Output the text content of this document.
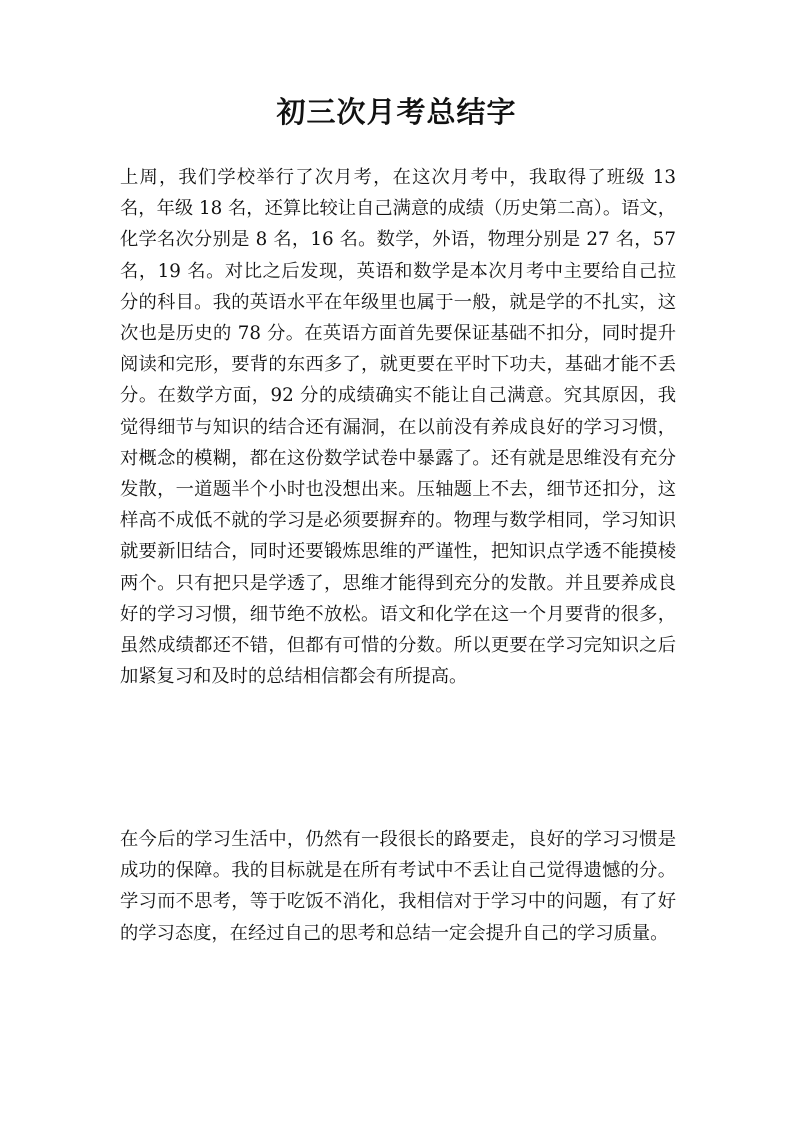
初三次月考总结字

上周，我们学校举行了次月考，在这次月考中，我取得了班级 13 名，年级 18 名，还算比较让自己满意的成绩（历史第二高）。语文，化学名次分别是 8 名，16 名。数学，外语，物理分别是 27 名，57 名，19 名。对比之后发现，英语和数学是本次月考中主要给自己拉分的科目。我的英语水平在年级里也属于一般，就是学的不扎实，这次也是历史的 78 分。在英语方面首先要保证基础不扣分，同时提升阅读和完形，要背的东西多了，就更要在平时下功夫，基础才能不丢分。在数学方面，92 分的成绩确实不能让自己满意。究其原因，我觉得细节与知识的结合还有漏洞，在以前没有养成良好的学习习惯，对概念的模糊，都在这份数学试卷中暴露了。还有就是思维没有充分发散，一道题半个小时也没想出来。压轴题上不去，细节还扣分，这样高不成低不就的学习是必须要摒弃的。物理与数学相同，学习知识就要新旧结合，同时还要锻炼思维的严谨性，把知识点学透不能摸棱两个。只有把只是学透了，思维才能得到充分的发散。并且要养成良好的学习习惯，细节绝不放松。语文和化学在这一个月要背的很多，虽然成绩都还不错，但都有可惜的分数。所以更要在学习完知识之后加紧复习和及时的总结相信都会有所提高。

在今后的学习生活中，仍然有一段很长的路要走，良好的学习习惯是成功的保障。我的目标就是在所有考试中不丢让自己觉得遗憾的分。学习而不思考，等于吃饭不消化，我相信对于学习中的问题，有了好的学习态度，在经过自己的思考和总结一定会提升自己的学习质量。
